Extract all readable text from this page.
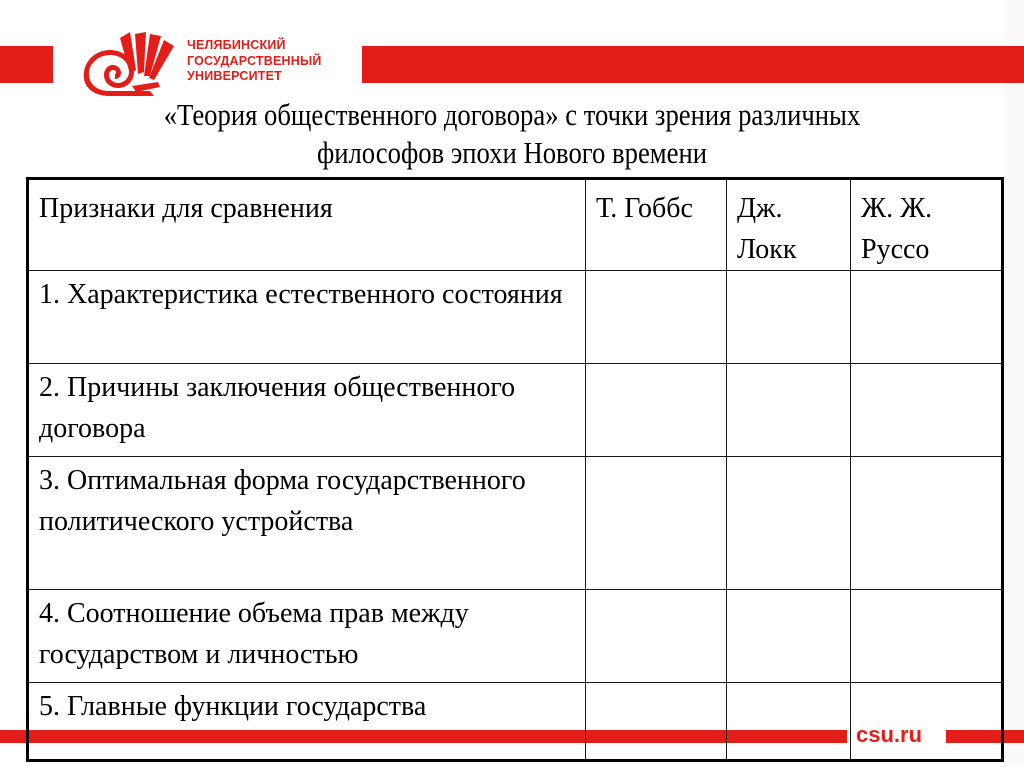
ЧЕЛЯБИНСКИЙ
ГОСУДАРСТВЕННЫЙ
УНИВЕРСИТЕТ
«Теория общественного договора» с точки зрения различных
философов эпохи Нового времени
csu.ru
Признаки для сравнения	Т. Гоббс	Дж. Локк	Ж. Ж. Руссо
1. Характеристика естественного состояния			
2. Причины заключения общественного договора			
3. Оптимальная форма государственного политического устройства			
4. Соотношение объема прав между государством и личностью			
5. Главные функции государства			
